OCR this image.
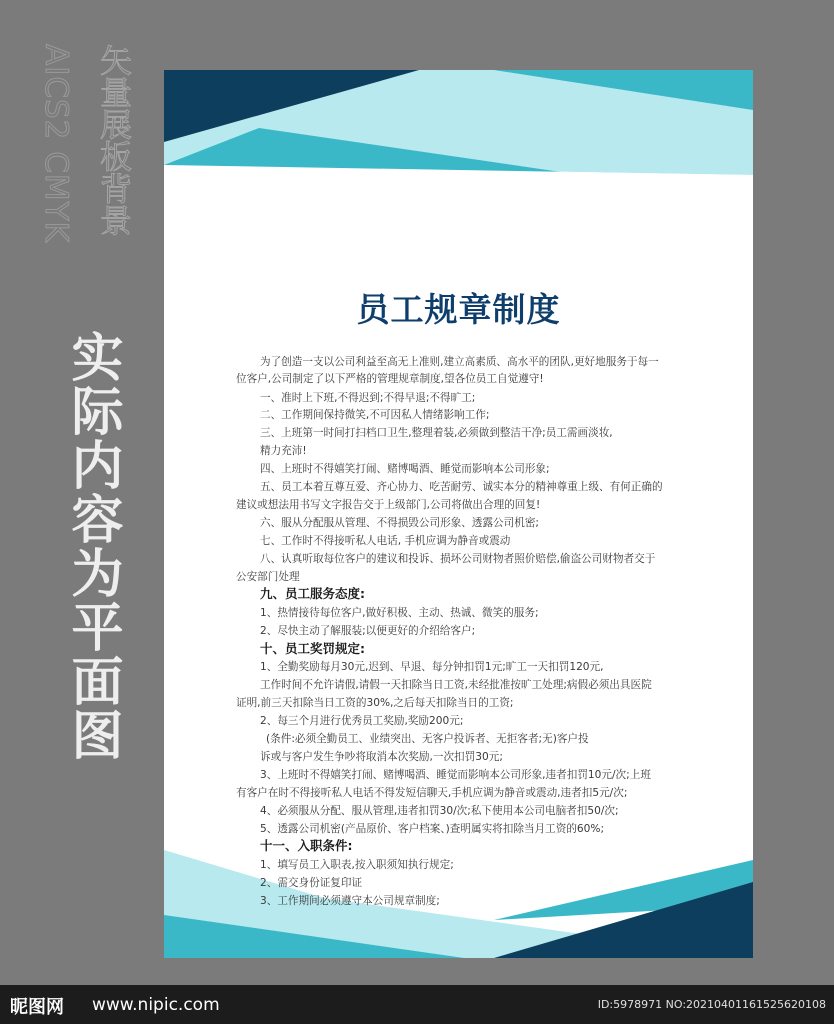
AICS2 CMYK 矢量展板背景
实际内容为平面图
员工规章制度
为了创造一支以公司利益至高无上准则,建立高素质、高水平的团队,更好地服务于每一
位客户,公司制定了以下严格的管理规章制度,望各位员工自觉遵守!
一、准时上下班,不得迟到;不得早退;不得旷工;
二、工作期间保持微笑,不可因私人情绪影响工作;
三、上班第一时间打扫档口卫生,整理着装,必须做到整洁干净;员工需画淡妆,
精力充沛!
四、上班时不得嬉笑打闹、赌博喝酒、睡觉而影响本公司形象;
五、员工本着互尊互爱、齐心协力、吃苦耐劳、诚实本分的精神尊重上级、有何正确的
建议或想法用书写文字报告交于上级部门,公司将做出合理的回复!
六、服从分配服从管理、不得损毁公司形象、透露公司机密;
七、工作时不得接听私人电话, 手机应调为静音或震动
八、认真听取每位客户的建议和投诉、损坏公司财物者照价赔偿,偷盗公司财物者交于
公安部门处理
九、员工服务态度:
1、热情接待每位客户,做好积极、主动、热诚、微笑的服务;
2、尽快主动了解服装;以便更好的介绍给客户;
十、员工奖罚规定:
1、全勤奖励每月30元,迟到、早退、每分钟扣罚1元;旷工一天扣罚120元,
工作时间不允许请假,请假一天扣除当日工资,未经批准按旷工处理;病假必须出具医院
证明,前三天扣除当日工资的30%,之后每天扣除当日的工资;
2、每三个月进行优秀员工奖励,奖励200元;
(条件:必须全勤员工、业绩突出、无客户投诉者、无拒客者;无)客户投
诉或与客户发生争吵将取消本次奖励,一次扣罚30元;
3、上班时不得嬉笑打闹、赌博喝酒、睡觉而影响本公司形象,违者扣罚10元/次;上班
有客户在时不得接听私人电话不得发短信聊天,手机应调为静音或震动,违者扣5元/次;
4、必须服从分配、服从管理,违者扣罚30/次;私下使用本公司电脑者扣50/次;
5、透露公司机密(产品原价、客户档案、)查明属实将扣除当月工资的60%;
十一、入职条件:
1、填写员工入职表,按入职须知执行规定;
2、需交身份证复印证
3、工作期间必须遵守本公司规章制度;
昵图网 www.nipic.com	ID:5978971 NO:20210401161525620108
